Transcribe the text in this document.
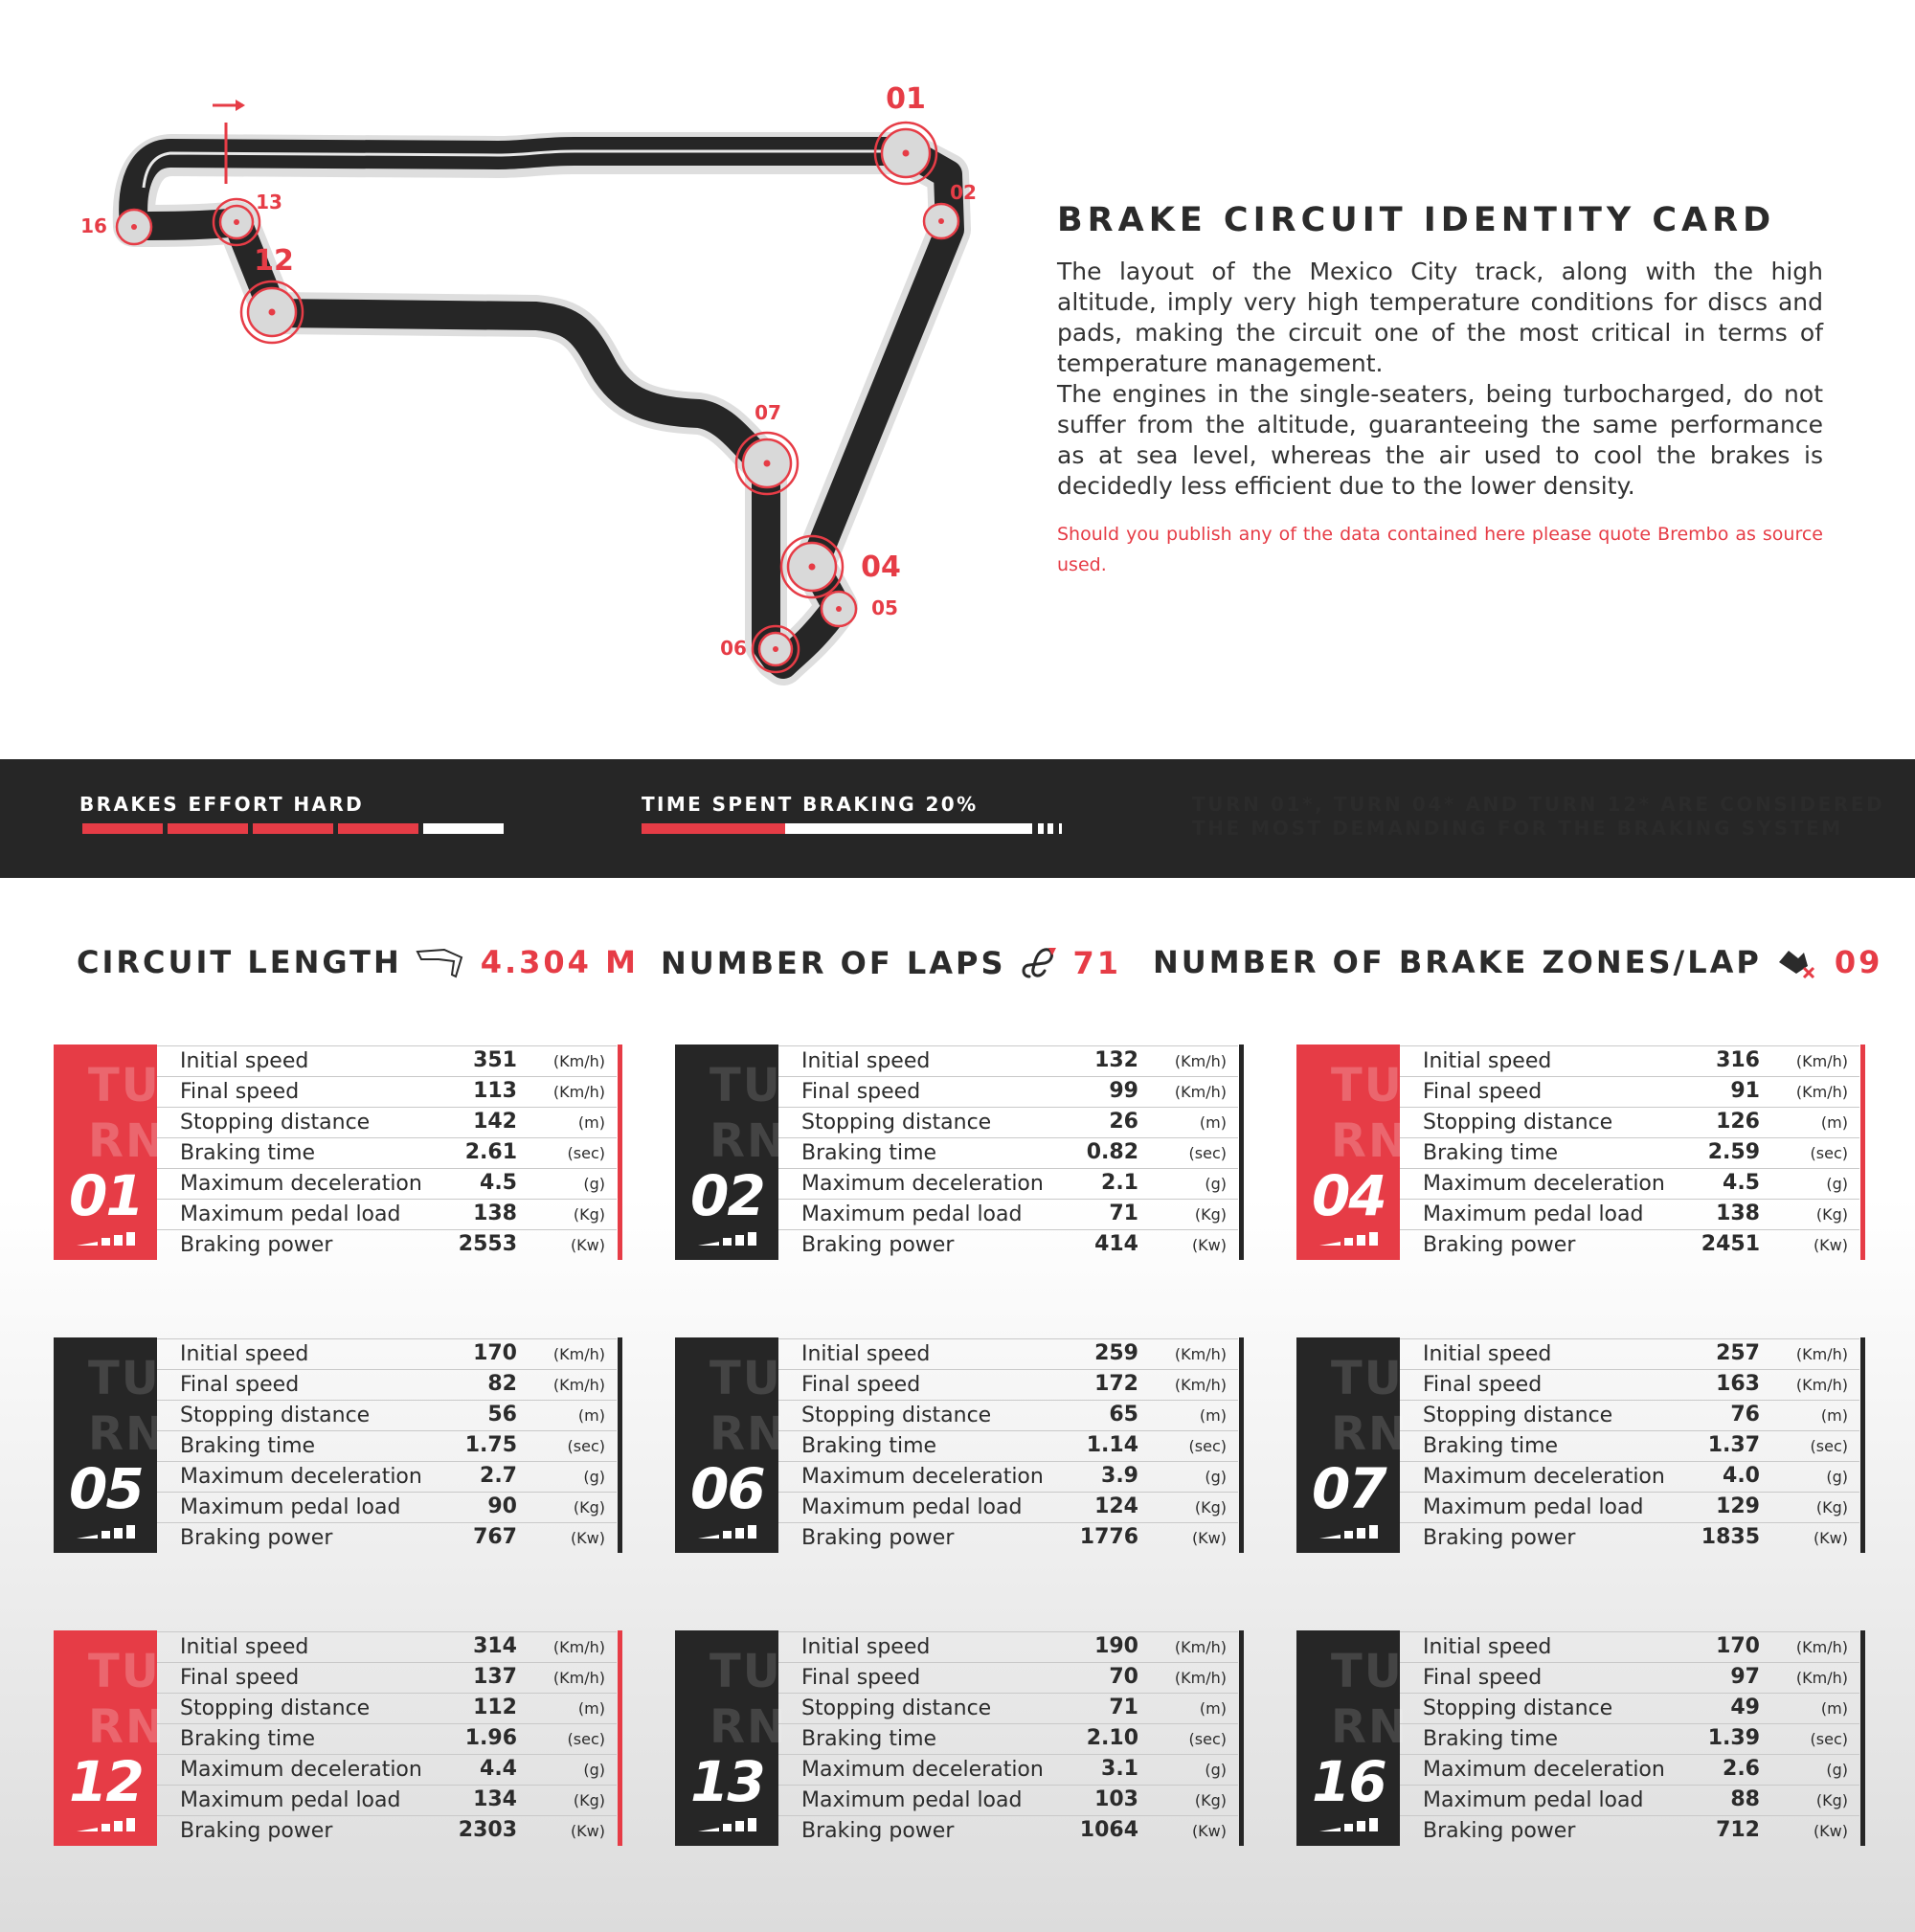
01
02
04
05
06
07
12
13
16	BRAKE CIRCUIT IDENTITY CARD

The layout of the Mexico City track, along with the high altitude, imply very high temperature conditions for discs and pads, making the circuit one of the most critical in terms of temperature management.

The engines in the single-seaters, being turbocharged, do not suffer from the altitude, guaranteeing the same performance as at sea level, whereas the air used to cool the brakes is decidedly less efficient due to the lower density.

Should you publish any of the data contained here please quote Brembo as source used.

BRAKES EFFORT HARD	TIME SPENT BRAKING 20%	TURN 01*, TURN 04* AND TURN 12* ARE CONSIDERED
THE MOST DEMANDING FOR THE BRAKING SYSTEM
CIRCUIT LENGTH	4.304 M NUMBER OF LAPS 71 NUMBER OF BRAKE ZONES/LAP 09
TU
RN
01
Initial speed	351 (Km/h)
Final speed	113 (Km/h)
Stopping distance	142	(m)
Braking time	2.61	(sec)
Maximum deceleration	4.5	(g)
Maximum pedal load	138	(Kg)
Braking power	2553	(Kw)
TU
RN
02
Initial speed	132 (Km/h)
Final speed	99 (Km/h)
Stopping distance	26	(m)
Braking time	0.82	(sec)
Maximum deceleration	2.1	(g)
Maximum pedal load	71	(Kg)
Braking power	414	(Kw)
TU
RN
04
Initial speed	316 (Km/h)
Final speed	91 (Km/h)
Stopping distance	126	(m)
Braking time	2.59	(sec)
Maximum deceleration	4.5	(g)
Maximum pedal load	138	(Kg)
Braking power	2451	(Kw)
TU
RN
05
Initial speed	170 (Km/h)
Final speed	82 (Km/h)
Stopping distance	56	(m)
Braking time	1.75	(sec)
Maximum deceleration	2.7	(g)
Maximum pedal load	90	(Kg)
Braking power	767	(Kw)
TU
RN
06
Initial speed	259 (Km/h)
Final speed	172 (Km/h)
Stopping distance	65	(m)
Braking time	1.14	(sec)
Maximum deceleration	3.9	(g)
Maximum pedal load	124	(Kg)
Braking power	1776	(Kw)
TU
RN
07
Initial speed	257 (Km/h)
Final speed	163 (Km/h)
Stopping distance	76	(m)
Braking time	1.37	(sec)
Maximum deceleration	4.0	(g)
Maximum pedal load	129	(Kg)
Braking power	1835	(Kw)
TU
RN
12
Initial speed	314 (Km/h)
Final speed	137 (Km/h)
Stopping distance	112	(m)
Braking time	1.96	(sec)
Maximum deceleration	4.4	(g)
Maximum pedal load	134	(Kg)
Braking power	2303	(Kw)
TU
RN
13
Initial speed	190 (Km/h)
Final speed	70 (Km/h)
Stopping distance	71	(m)
Braking time	2.10	(sec)
Maximum deceleration	3.1	(g)
Maximum pedal load	103	(Kg)
Braking power	1064	(Kw)
TU
RN
16
Initial speed	170 (Km/h)
Final speed	97 (Km/h)
Stopping distance	49	(m)
Braking time	1.39	(sec)
Maximum deceleration	2.6	(g)
Maximum pedal load	88	(Kg)
Braking power	712	(Kw)
